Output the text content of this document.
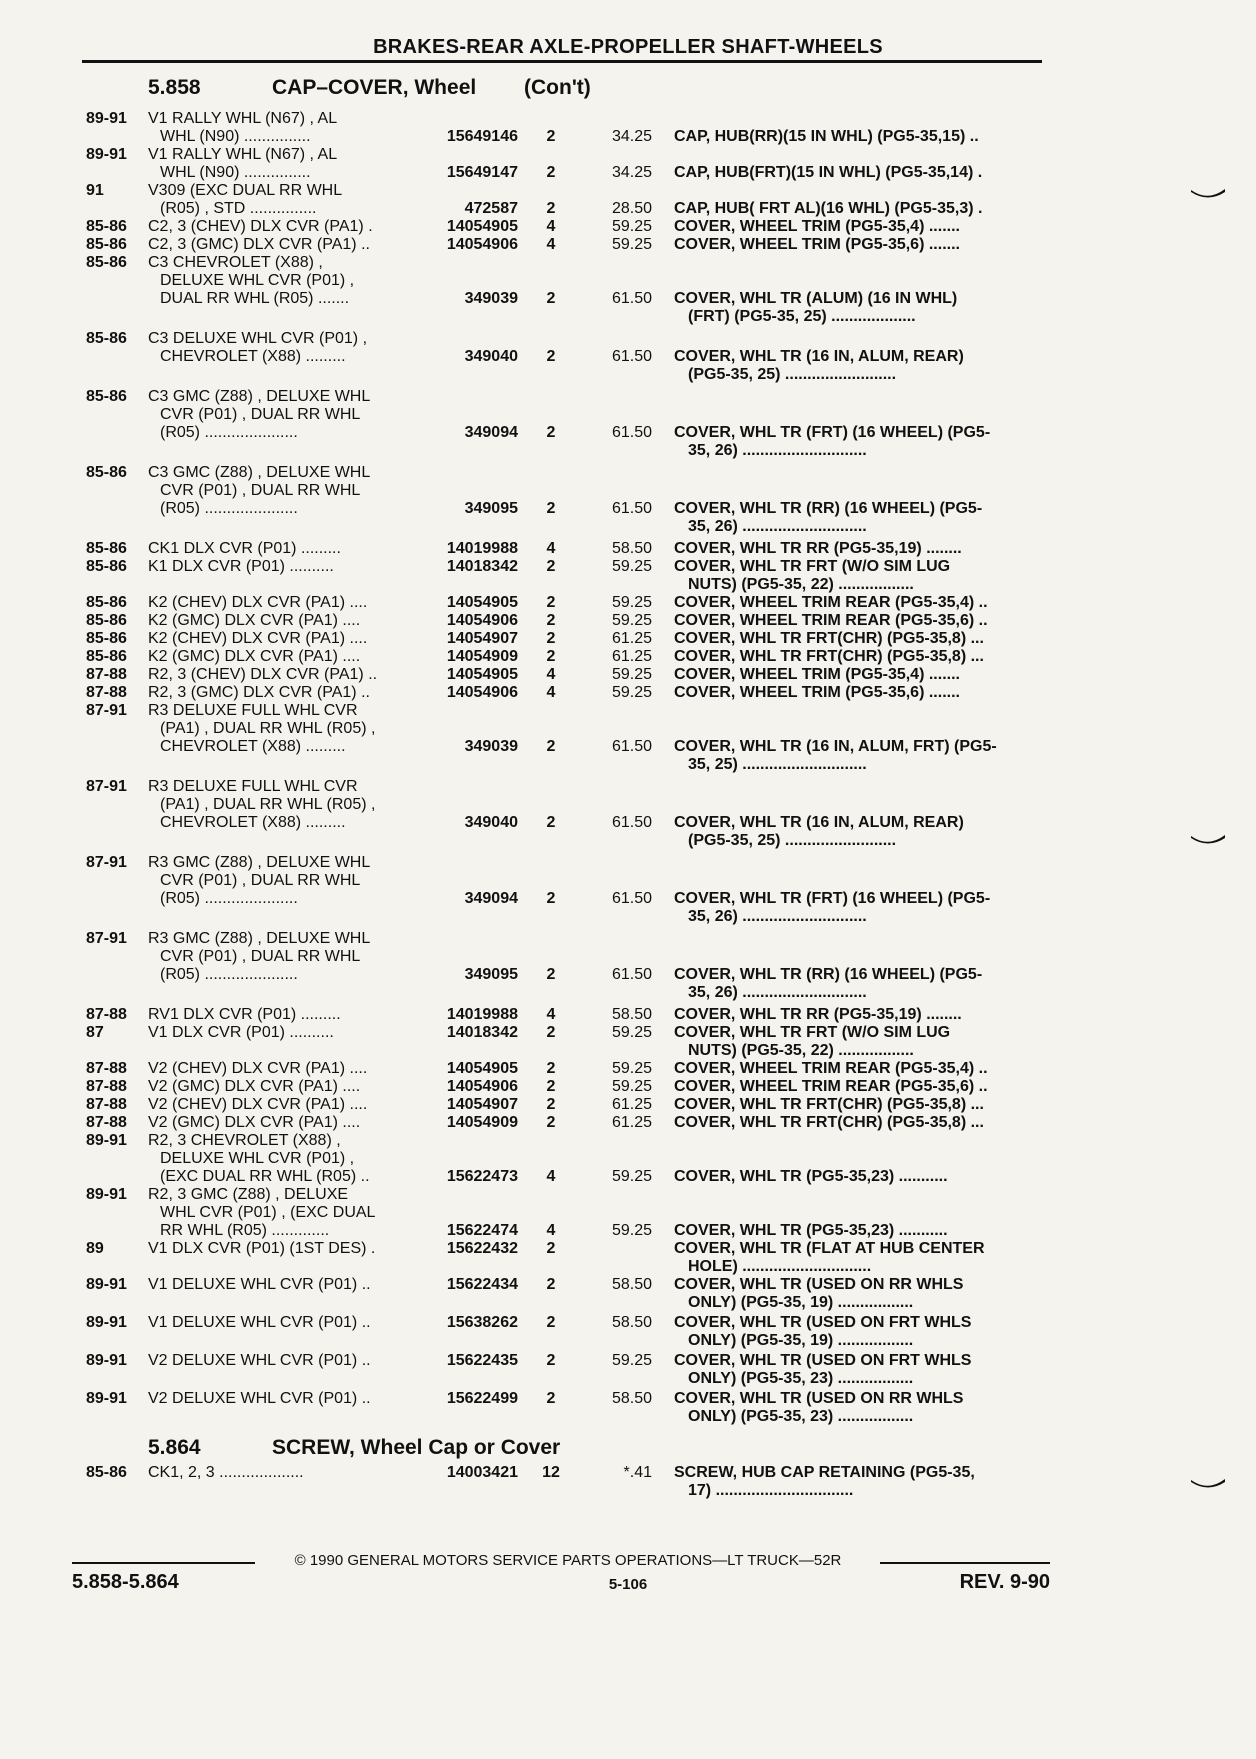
BRAKES-REAR AXLE-PROPELLER SHAFT-WHEELS
5.858	CAP–COVER, Wheel (Con't)
89-91 V1 RALLY WHL (N67) , AL
WHL (N90) ...............	15649146	2	34.25 CAP, HUB(RR)(15 IN WHL) (PG5-35,15) ..
89-91 V1 RALLY WHL (N67) , AL
WHL (N90) ...............	15649147	2	34.25 CAP, HUB(FRT)(15 IN WHL) (PG5-35,14) .
91	V309 (EXC DUAL RR WHL
(R05) , STD ...............	472587	2	28.50 CAP, HUB( FRT AL)(16 WHL) (PG5-35,3) .
85-86 C2, 3 (CHEV) DLX CVR (PA1) .	14054905	4	59.25 COVER, WHEEL TRIM (PG5-35,4) .......
85-86 C2, 3 (GMC) DLX CVR (PA1) ..	14054906	4	59.25 COVER, WHEEL TRIM (PG5-35,6) .......
85-86 C3 CHEVROLET (X88) ,
DELUXE WHL CVR (P01) ,
DUAL RR WHL (R05) .......	349039	2	61.50 COVER, WHL TR (ALUM) (16 IN WHL)
(FRT) (PG5-35, 25) ...................
85-86 C3 DELUXE WHL CVR (P01) ,
CHEVROLET (X88) .........	349040	2	61.50 COVER, WHL TR (16 IN, ALUM, REAR)
(PG5-35, 25) .........................
85-86 C3 GMC (Z88) , DELUXE WHL
CVR (P01) , DUAL RR WHL
(R05) .....................	349094	2	61.50 COVER, WHL TR (FRT) (16 WHEEL) (PG5-
35, 26) ............................
85-86 C3 GMC (Z88) , DELUXE WHL
CVR (P01) , DUAL RR WHL
(R05) .....................	349095	2	61.50 COVER, WHL TR (RR) (16 WHEEL) (PG5-
35, 26) ............................
85-86 CK1 DLX CVR (P01) .........	14019988	4	58.50 COVER, WHL TR RR (PG5-35,19) ........
85-86 K1 DLX CVR (P01) ..........	14018342	2	59.25 COVER, WHL TR FRT (W/O SIM LUG
NUTS) (PG5-35, 22) .................
85-86 K2 (CHEV) DLX CVR (PA1) ....	14054905	2	59.25 COVER, WHEEL TRIM REAR (PG5-35,4) ..
85-86 K2 (GMC) DLX CVR (PA1) ....	14054906	2	59.25 COVER, WHEEL TRIM REAR (PG5-35,6) ..
85-86 K2 (CHEV) DLX CVR (PA1) ....	14054907	2	61.25 COVER, WHL TR FRT(CHR) (PG5-35,8) ...
85-86 K2 (GMC) DLX CVR (PA1) ....	14054909	2	61.25 COVER, WHL TR FRT(CHR) (PG5-35,8) ...
87-88 R2, 3 (CHEV) DLX CVR (PA1) ..	14054905	4	59.25 COVER, WHEEL TRIM (PG5-35,4) .......
87-88 R2, 3 (GMC) DLX CVR (PA1) ..	14054906	4	59.25 COVER, WHEEL TRIM (PG5-35,6) .......
87-91 R3 DELUXE FULL WHL CVR
(PA1) , DUAL RR WHL (R05) ,
CHEVROLET (X88) .........	349039	2	61.50 COVER, WHL TR (16 IN, ALUM, FRT) (PG5-
35, 25) ............................
87-91 R3 DELUXE FULL WHL CVR
(PA1) , DUAL RR WHL (R05) ,
CHEVROLET (X88) .........	349040	2	61.50 COVER, WHL TR (16 IN, ALUM, REAR)
(PG5-35, 25) .........................
87-91 R3 GMC (Z88) , DELUXE WHL
CVR (P01) , DUAL RR WHL
(R05) .....................	349094	2	61.50 COVER, WHL TR (FRT) (16 WHEEL) (PG5-
35, 26) ............................
87-91 R3 GMC (Z88) , DELUXE WHL
CVR (P01) , DUAL RR WHL
(R05) .....................	349095	2	61.50 COVER, WHL TR (RR) (16 WHEEL) (PG5-
35, 26) ............................
87-88 RV1 DLX CVR (P01) .........	14019988	4	58.50 COVER, WHL TR RR (PG5-35,19) ........
87	V1 DLX CVR (P01) ..........	14018342	2	59.25 COVER, WHL TR FRT (W/O SIM LUG
NUTS) (PG5-35, 22) .................
87-88 V2 (CHEV) DLX CVR (PA1) ....	14054905	2	59.25 COVER, WHEEL TRIM REAR (PG5-35,4) ..
87-88 V2 (GMC) DLX CVR (PA1) ....	14054906	2	59.25 COVER, WHEEL TRIM REAR (PG5-35,6) ..
87-88 V2 (CHEV) DLX CVR (PA1) ....	14054907	2	61.25 COVER, WHL TR FRT(CHR) (PG5-35,8) ...
87-88 V2 (GMC) DLX CVR (PA1) ....	14054909	2	61.25 COVER, WHL TR FRT(CHR) (PG5-35,8) ...
89-91 R2, 3 CHEVROLET (X88) ,
DELUXE WHL CVR (P01) ,
(EXC DUAL RR WHL (R05) ..	15622473	4	59.25 COVER, WHL TR (PG5-35,23) ...........
89-91 R2, 3 GMC (Z88) , DELUXE
WHL CVR (P01) , (EXC DUAL
RR WHL (R05) .............	15622474	4	59.25 COVER, WHL TR (PG5-35,23) ...........
89	V1 DLX CVR (P01) (1ST DES) .	15622432	2	COVER, WHL TR (FLAT AT HUB CENTER
HOLE) .............................
89-91 V1 DELUXE WHL CVR (P01) ..	15622434	2	58.50 COVER, WHL TR (USED ON RR WHLS
ONLY) (PG5-35, 19) .................
89-91 V1 DELUXE WHL CVR (P01) ..	15638262	2	58.50 COVER, WHL TR (USED ON FRT WHLS
ONLY) (PG5-35, 19) .................
89-91 V2 DELUXE WHL CVR (P01) ..	15622435	2	59.25 COVER, WHL TR (USED ON FRT WHLS
ONLY) (PG5-35, 23) .................
89-91 V2 DELUXE WHL CVR (P01) ..	15622499	2	58.50 COVER, WHL TR (USED ON RR WHLS
ONLY) (PG5-35, 23) .................
5.864	SCREW, Wheel Cap or Cover
85-86 CK1, 2, 3 ...................	14003421 12	*.41 SCREW, HUB CAP RETAINING (PG5-35,
17) ...............................
© 1990 GENERAL MOTORS SERVICE PARTS OPERATIONS—LT TRUCK—52R
5.858-5.864	5-106	REV. 9-90
